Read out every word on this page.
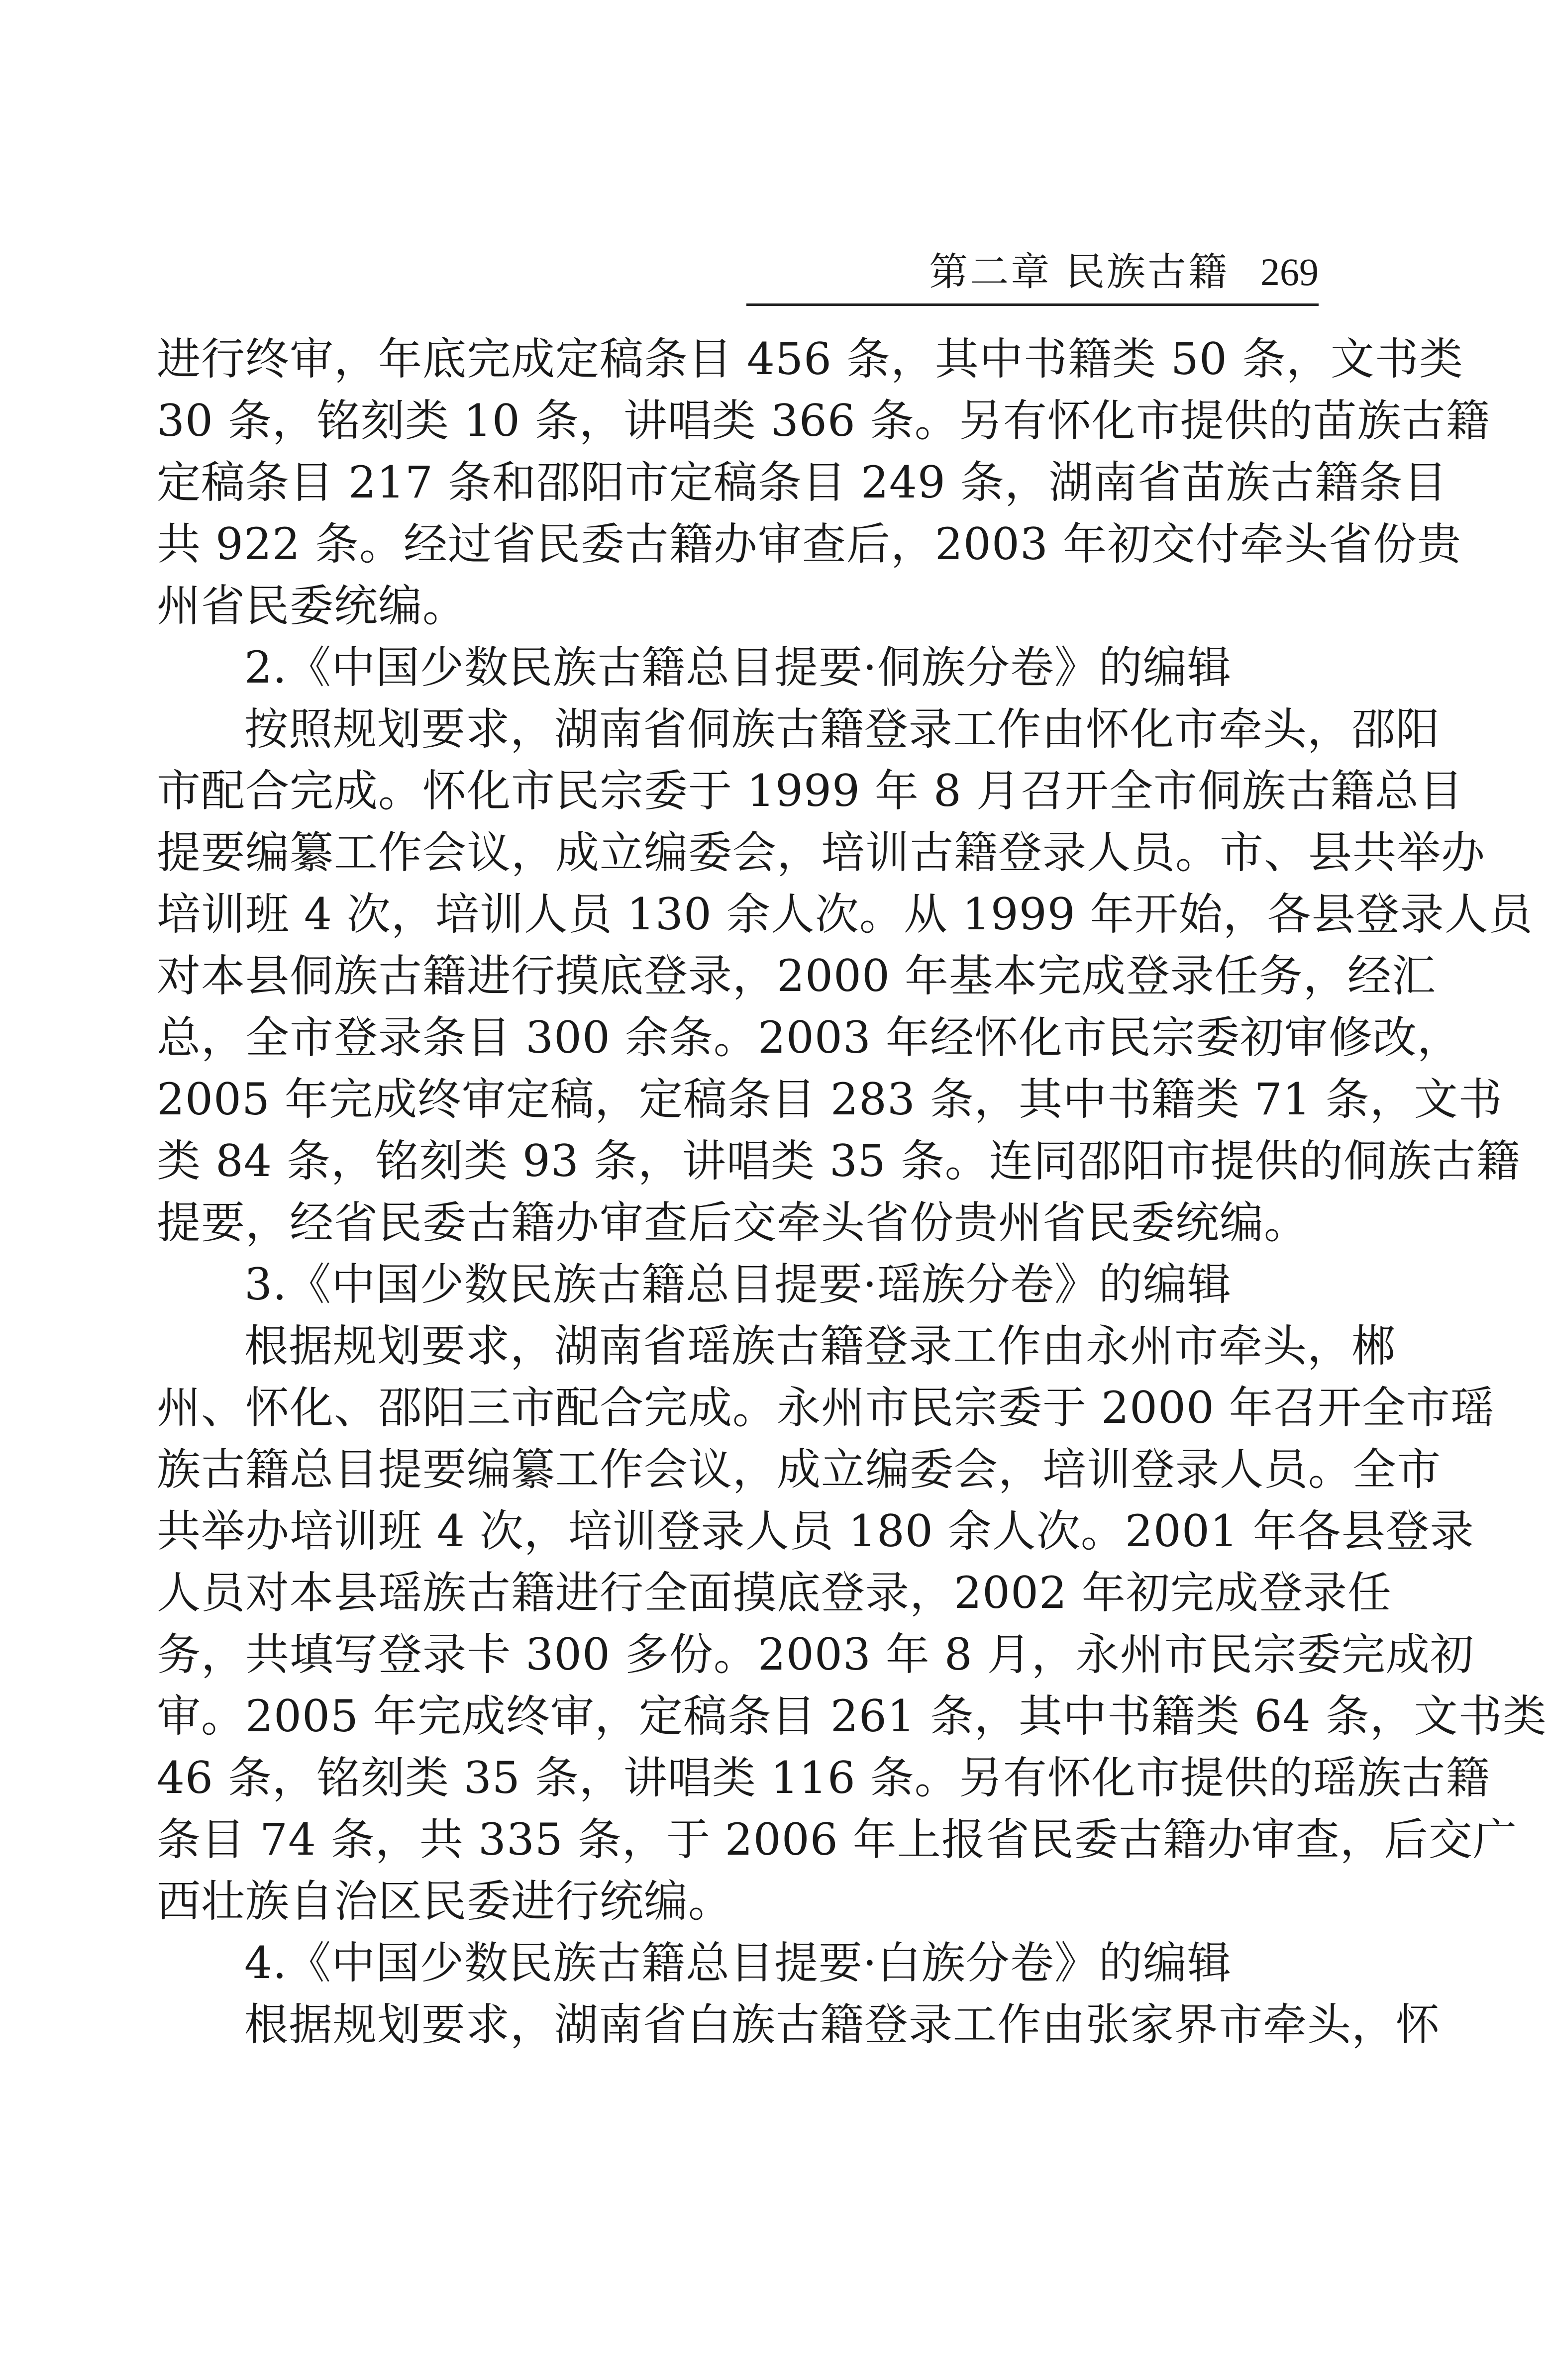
第二章 民族古籍 269
进行终审，年底完成定稿条目 456 条，其中书籍类 50 条，文书类
30 条，铭刻类 10 条，讲唱类 366 条。另有怀化市提供的苗族古籍
定稿条目 217 条和邵阳市定稿条目 249 条，湖南省苗族古籍条目
共 922 条。经过省民委古籍办审查后，2003 年初交付牵头省份贵
州省民委统编。
2.《中国少数民族古籍总目提要·侗族分卷》的编辑
按照规划要求，湖南省侗族古籍登录工作由怀化市牵头，邵阳
市配合完成。怀化市民宗委于 1999 年 8 月召开全市侗族古籍总目
提要编纂工作会议，成立编委会，培训古籍登录人员。市、县共举办
培训班 4 次，培训人员 130 余人次。从 1999 年开始，各县登录人员
对本县侗族古籍进行摸底登录，2000 年基本完成登录任务，经汇
总，全市登录条目 300 余条。2003 年经怀化市民宗委初审修改，
2005 年完成终审定稿，定稿条目 283 条，其中书籍类 71 条，文书
类 84 条，铭刻类 93 条，讲唱类 35 条。连同邵阳市提供的侗族古籍
提要，经省民委古籍办审查后交牵头省份贵州省民委统编。
3.《中国少数民族古籍总目提要·瑶族分卷》的编辑
根据规划要求，湖南省瑶族古籍登录工作由永州市牵头，郴
州、怀化、邵阳三市配合完成。永州市民宗委于 2000 年召开全市瑶
族古籍总目提要编纂工作会议，成立编委会，培训登录人员。全市
共举办培训班 4 次，培训登录人员 180 余人次。2001 年各县登录
人员对本县瑶族古籍进行全面摸底登录，2002 年初完成登录任
务，共填写登录卡 300 多份。2003 年 8 月，永州市民宗委完成初
审。2005 年完成终审，定稿条目 261 条，其中书籍类 64 条，文书类
46 条，铭刻类 35 条，讲唱类 116 条。另有怀化市提供的瑶族古籍
条目 74 条，共 335 条，于 2006 年上报省民委古籍办审查，后交广
西壮族自治区民委进行统编。
4.《中国少数民族古籍总目提要·白族分卷》的编辑
根据规划要求，湖南省白族古籍登录工作由张家界市牵头，怀
